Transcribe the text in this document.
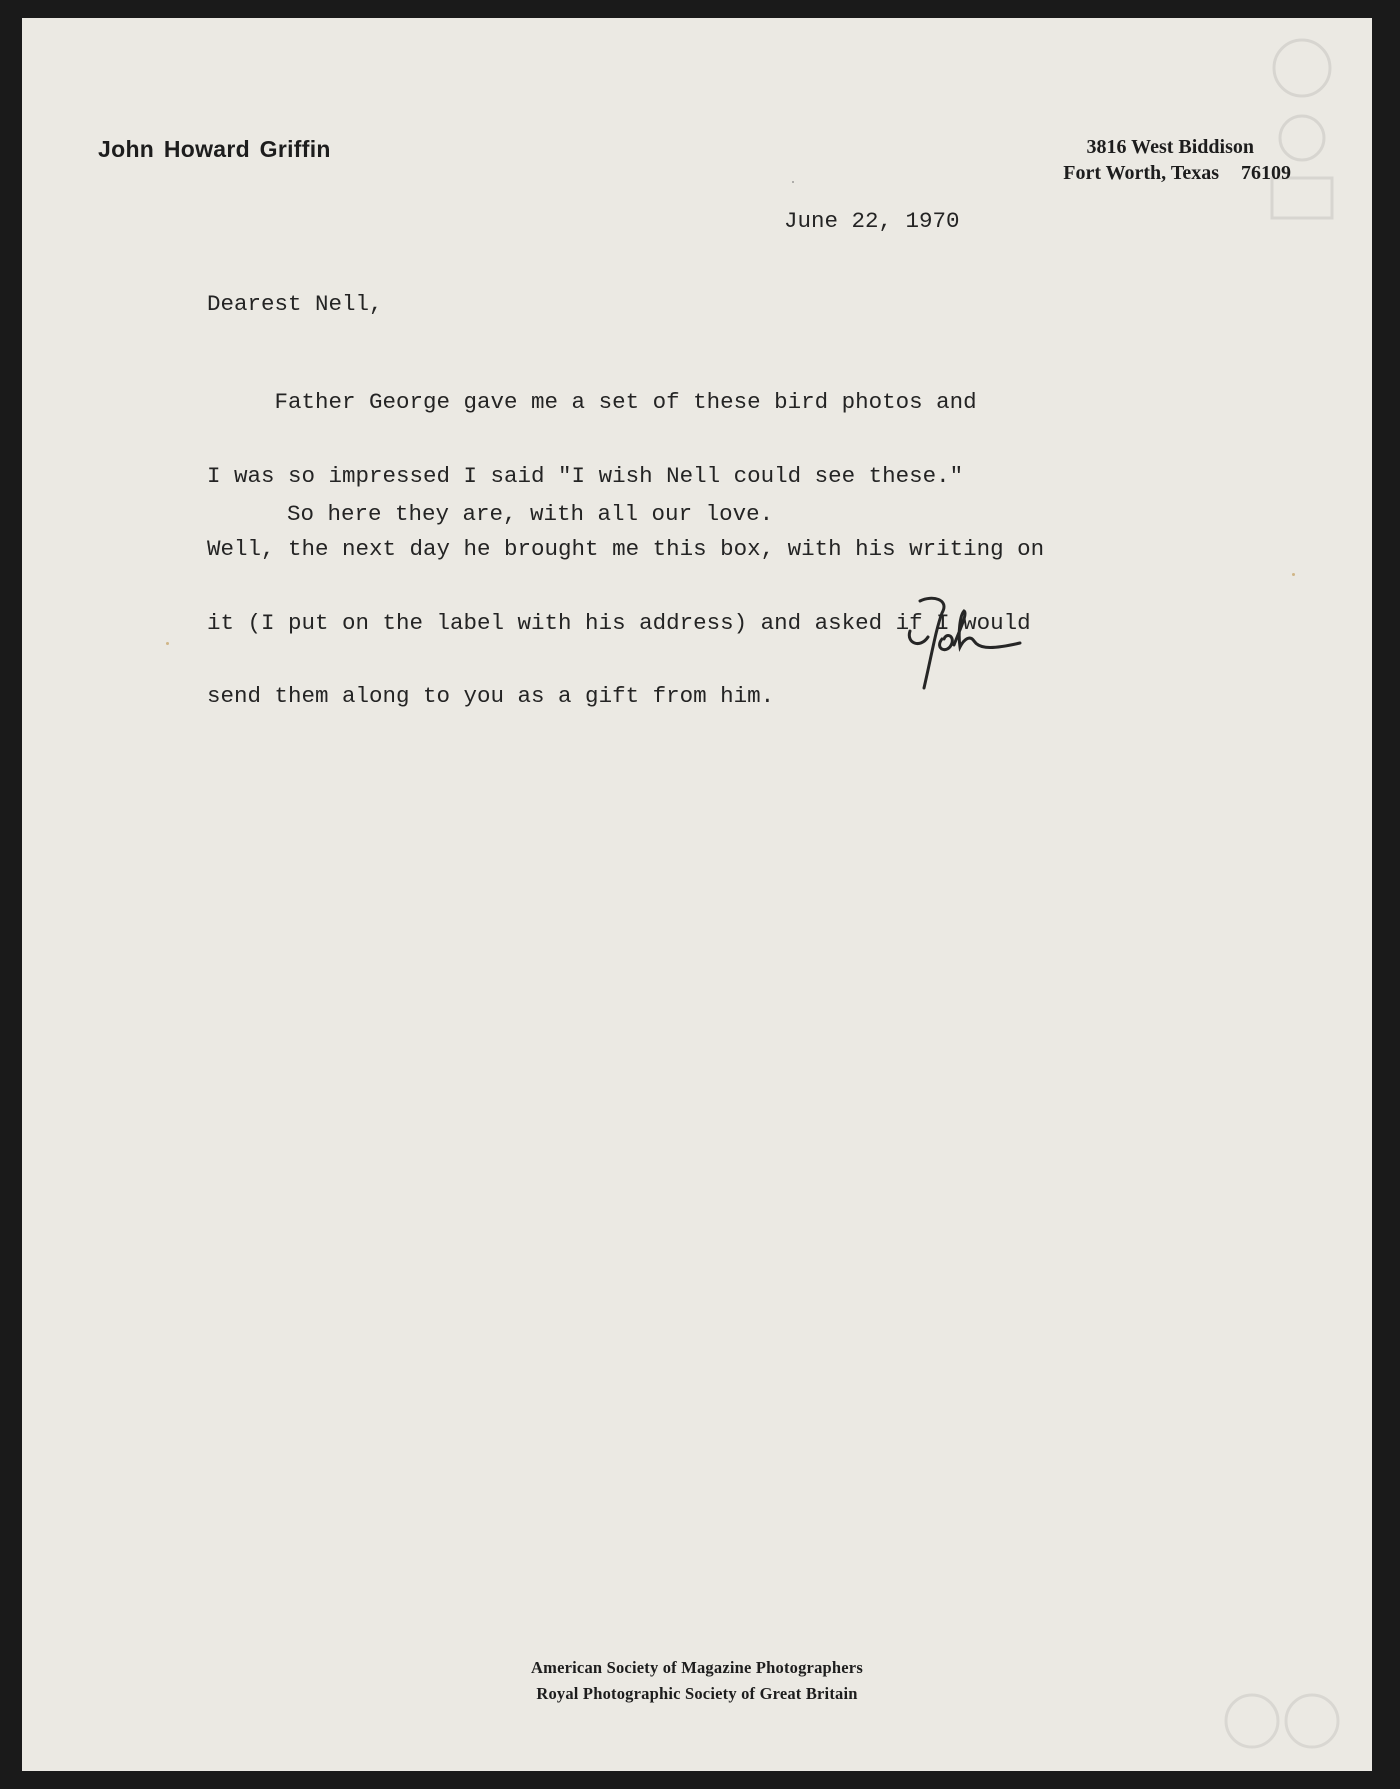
John Howard Griffin	3816 West Biddison
Fort Worth, Texas 76109
June 22, 1970
Dearest Nell,

Father George gave me a set of these bird photos and

I was so impressed I said "I wish Nell could see these."

Well, the next day he brought me this box, with his writing on

it (I put on the label with his address) and asked if I would

send them along to you as a gift from him.

So here they are, with all our love.
American Society of Magazine Photographers
Royal Photographic Society of Great Britain
